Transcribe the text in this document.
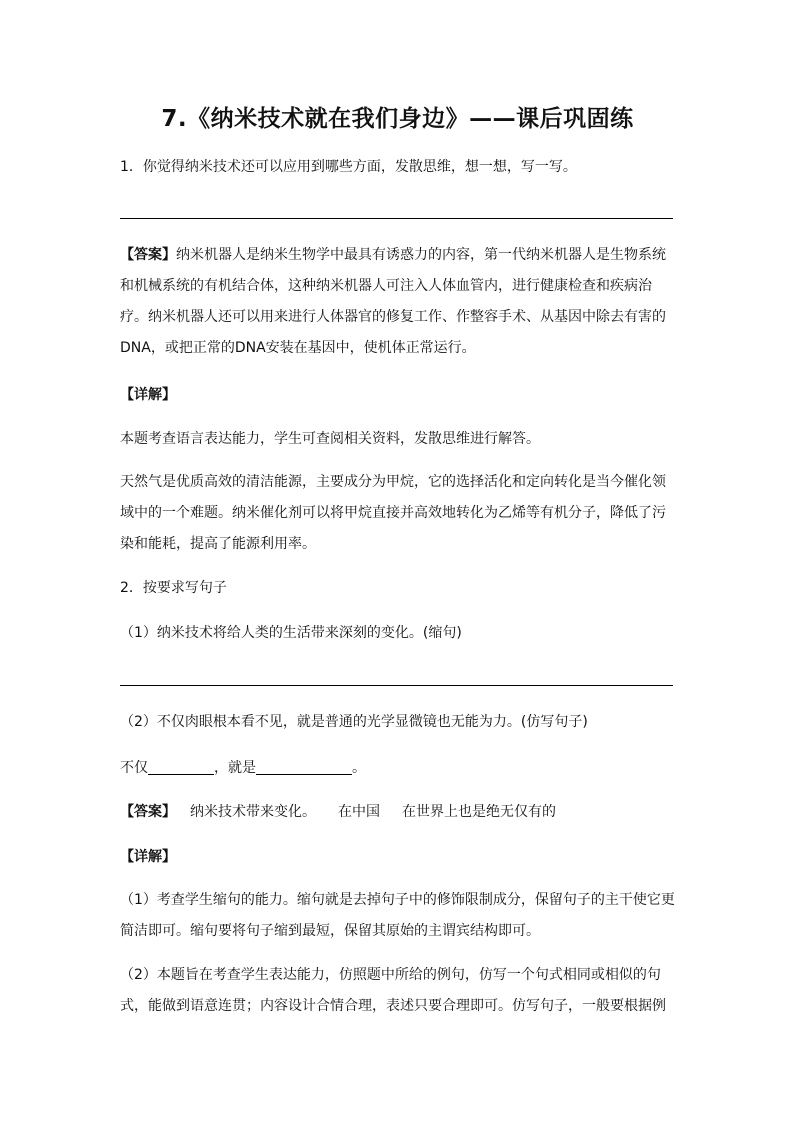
7.《纳米技术就在我们身边》——课后巩固练

1．你觉得纳米技术还可以应用到哪些方面，发散思维，想一想，写一写。

【答案】纳米机器人是纳米生物学中最具有诱惑力的内容，第一代纳米机器人是生物系统和机械系统的有机结合体，这种纳米机器人可注入人体血管内，进行健康检查和疾病治疗。纳米机器人还可以用来进行人体器官的修复工作、作整容手术、从基因中除去有害的DNA，或把正常的DNA安装在基因中，使机体正常运行。

【详解】

本题考查语言表达能力，学生可查阅相关资料，发散思维进行解答。

天然气是优质高效的清洁能源，主要成分为甲烷，它的选择活化和定向转化是当今催化领域中的一个难题。纳米催化剂可以将甲烷直接并高效地转化为乙烯等有机分子，降低了污染和能耗，提高了能源利用率。

2．按要求写句子

（1）纳米技术将给人类的生活带来深刻的变化。(缩句)

（2）不仅肉眼根本看不见，就是普通的光学显微镜也无能为力。(仿写句子)

不仅	，就是	。

【答案】 纳米技术带来变化。 在中国 在世界上也是绝无仅有的

【详解】

（1）考查学生缩句的能力。缩句就是去掉句子中的修饰限制成分，保留句子的主干使它更简洁即可。缩句要将句子缩到最短，保留其原始的主谓宾结构即可。

（2）本题旨在考查学生表达能力，仿照题中所给的例句，仿写一个句式相同或相似的句式，能做到语意连贯；内容设计合情合理，表述只要合理即可。仿写句子，一般要根据例
